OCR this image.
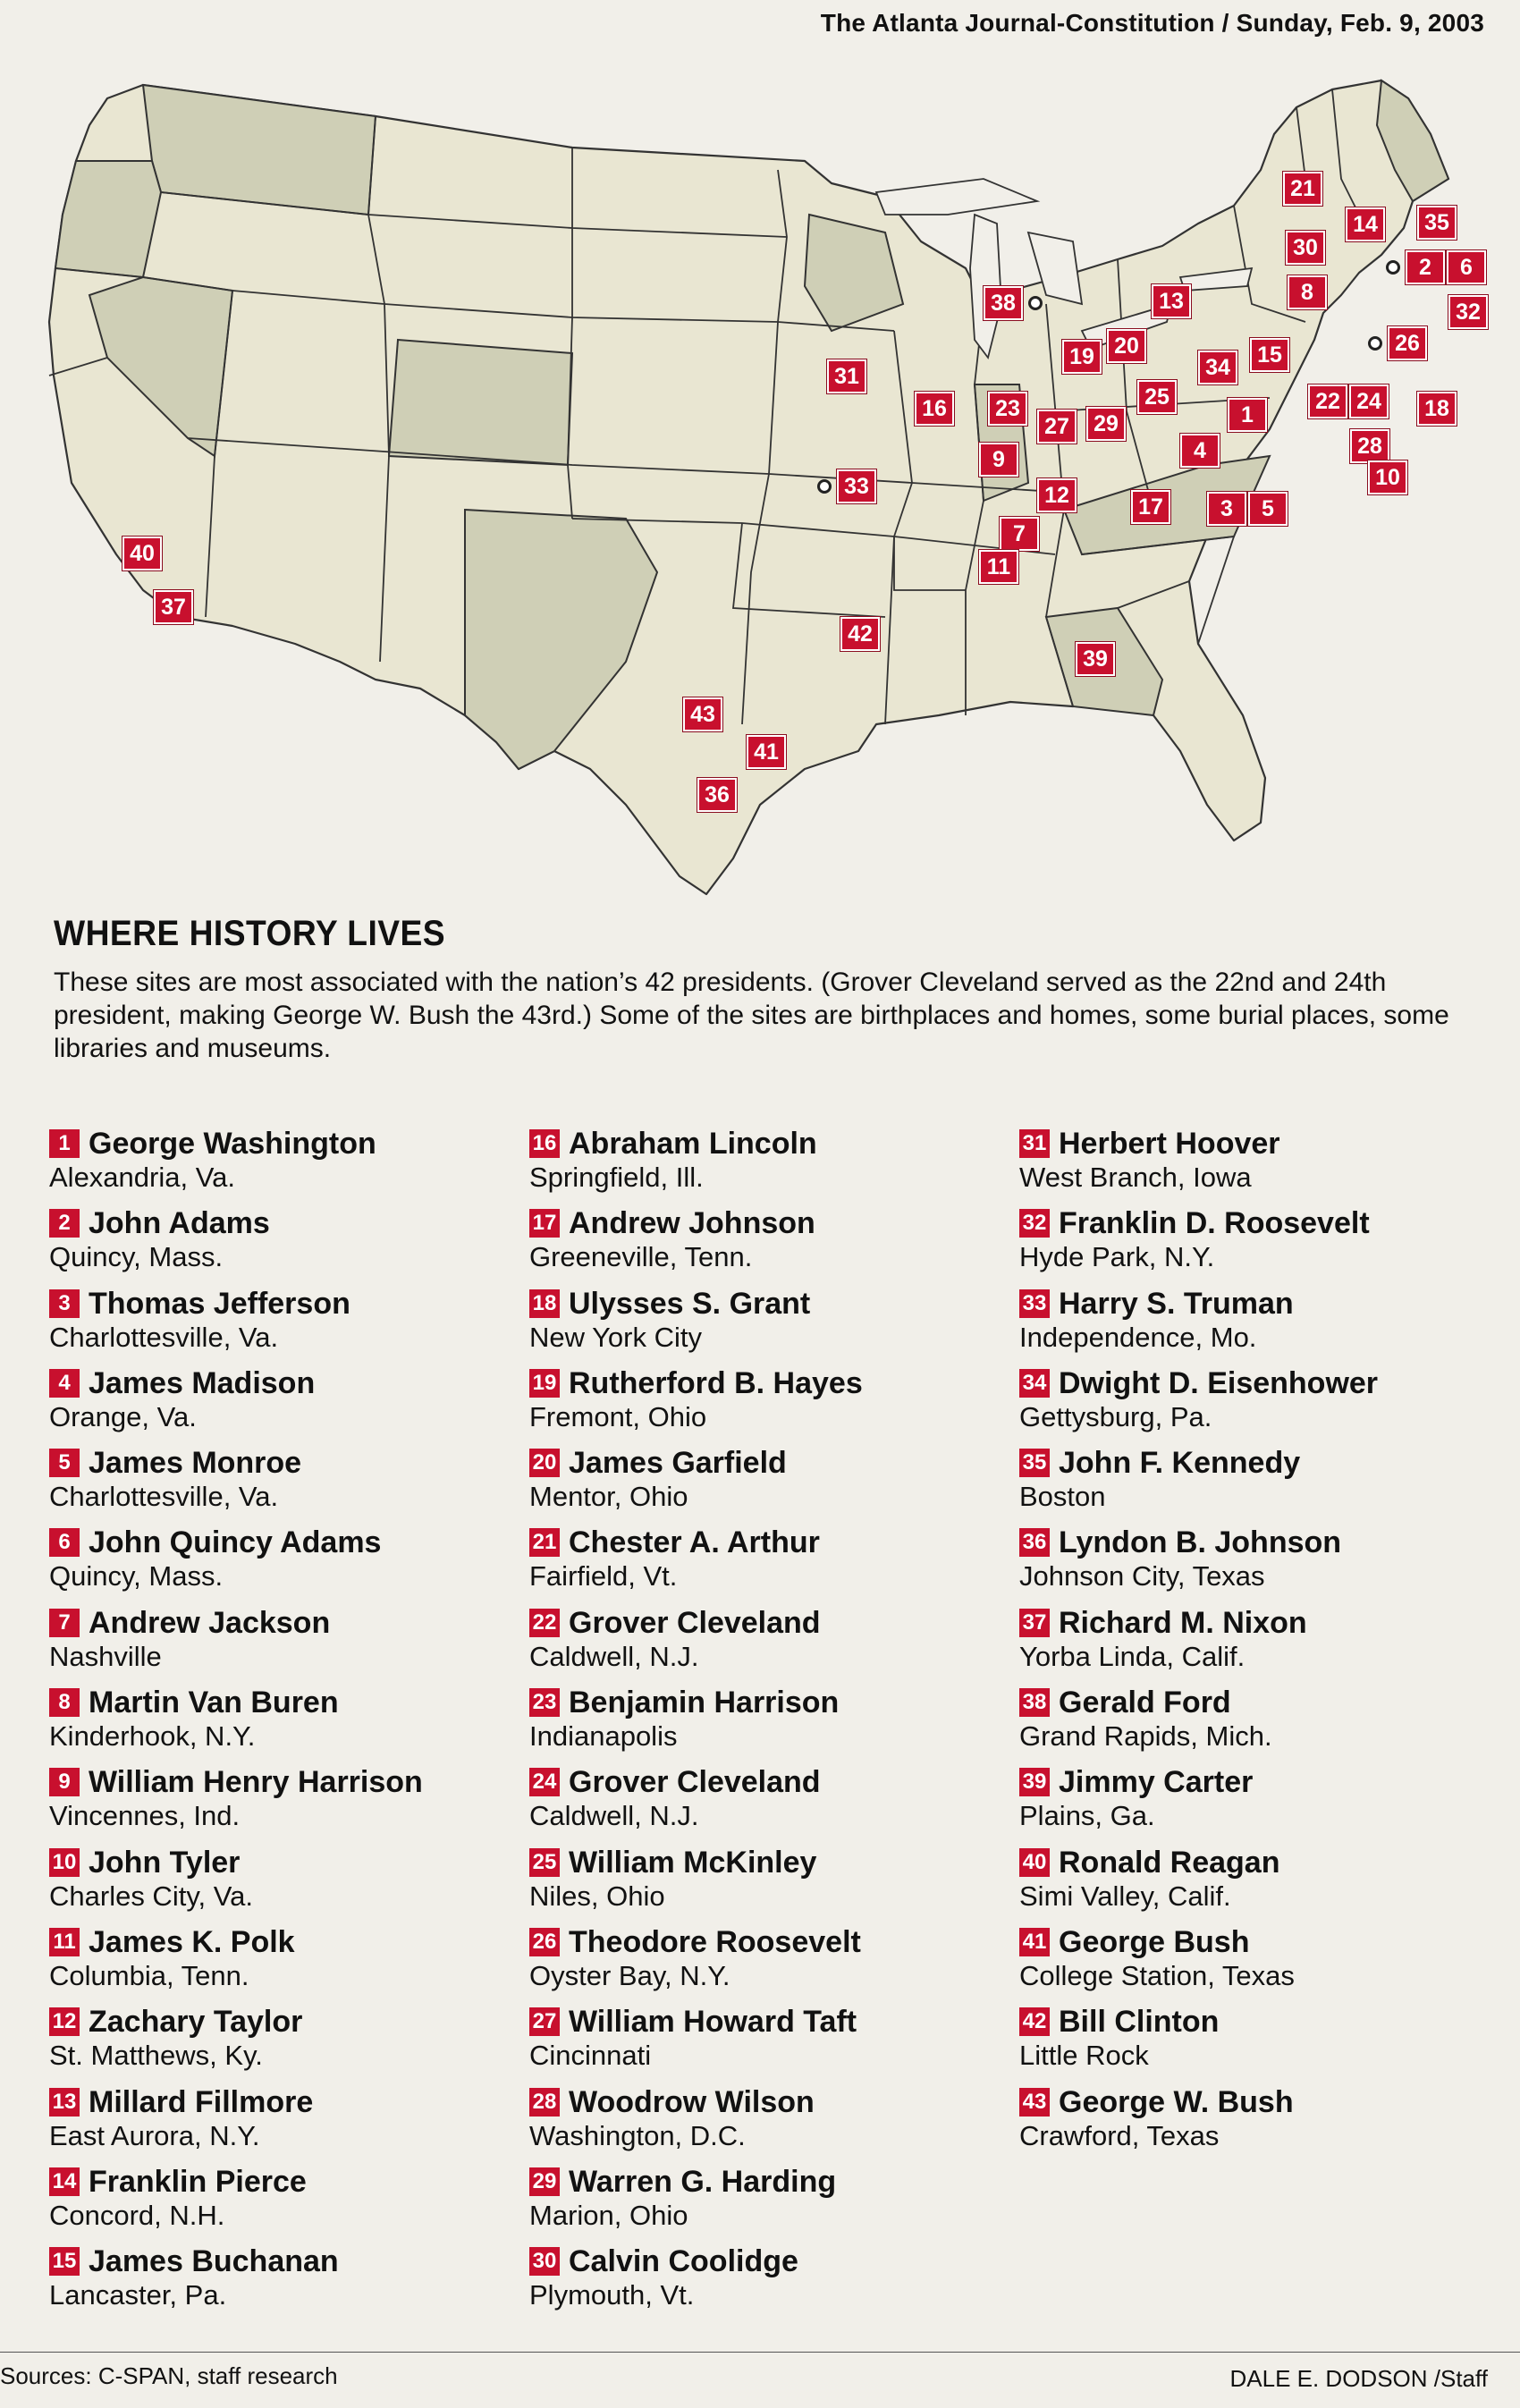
The Atlanta Journal-Constitution / Sunday, Feb. 9, 2003
21
14	35
30
2	6
8
32
38	13
26
19 20
34	15
31
25	22 24	18
16	23
27	29	1
28
4
9
10
33	12
3	5
17
7
11
40
37
42
39
43
41
36
WHERE HISTORY LIVES
These sites are most associated with the nation’s 42 presidents. (Grover Cleveland served as the 22nd and 24th president, making George W. Bush the 43rd.) Some of the sites are birthplaces and homes, some burial places, some libraries and museums.
1 George Washington
Alexandria, Va.
2 John Adams
Quincy, Mass.
3 Thomas Jefferson
Charlottesville, Va.
4 James Madison
Orange, Va.
5 James Monroe
Charlottesville, Va.
6 John Quincy Adams
Quincy, Mass.
7 Andrew Jackson
Nashville
8 Martin Van Buren
Kinderhook, N.Y.
9 William Henry Harrison
Vincennes, Ind.
10 John Tyler
Charles City, Va.
11 James K. Polk
Columbia, Tenn.
12 Zachary Taylor
St. Matthews, Ky.
13 Millard Fillmore
East Aurora, N.Y.
14 Franklin Pierce
Concord, N.H.
15 James Buchanan
Lancaster, Pa.
16 Abraham Lincoln
Springfield, Ill.
17 Andrew Johnson
Greeneville, Tenn.
18 Ulysses S. Grant
New York City
19 Rutherford B. Hayes
Fremont, Ohio
20 James Garfield
Mentor, Ohio
21 Chester A. Arthur
Fairfield, Vt.
22 Grover Cleveland
Caldwell, N.J.
23 Benjamin Harrison
Indianapolis
24 Grover Cleveland
Caldwell, N.J.
25 William McKinley
Niles, Ohio
26 Theodore Roosevelt
Oyster Bay, N.Y.
27 William Howard Taft
Cincinnati
28 Woodrow Wilson
Washington, D.C.
29 Warren G. Harding
Marion, Ohio
30 Calvin Coolidge
Plymouth, Vt.
31 Herbert Hoover
West Branch, Iowa
32 Franklin D. Roosevelt
Hyde Park, N.Y.
33 Harry S. Truman
Independence, Mo.
34 Dwight D. Eisenhower
Gettysburg, Pa.
35 John F. Kennedy
Boston
36 Lyndon B. Johnson
Johnson City, Texas
37 Richard M. Nixon
Yorba Linda, Calif.
38 Gerald Ford
Grand Rapids, Mich.
39 Jimmy Carter
Plains, Ga.
40 Ronald Reagan
Simi Valley, Calif.
41 George Bush
College Station, Texas
42 Bill Clinton
Little Rock
43 George W. Bush
Crawford, Texas
Sources: C-SPAN, staff research	DALE E. DODSON /Staff
